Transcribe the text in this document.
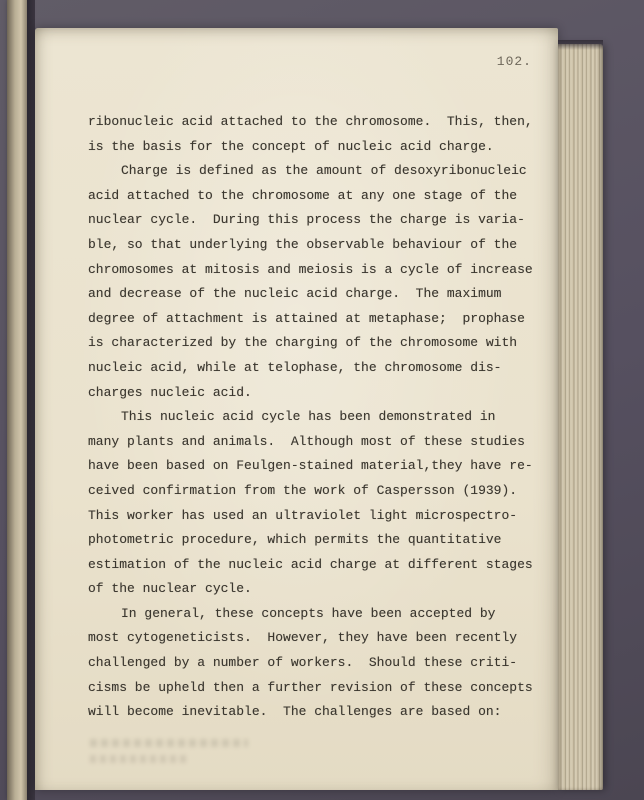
102.
ribonucleic acid attached to the chromosome.  This, then,
is the basis for the concept of nucleic acid charge.
Charge is defined as the amount of desoxyribonucleic
acid attached to the chromosome at any one stage of the
nuclear cycle.  During this process the charge is varia-
ble, so that underlying the observable behaviour of the
chromosomes at mitosis and meiosis is a cycle of increase
and decrease of the nucleic acid charge.  The maximum
degree of attachment is attained at metaphase;  prophase
is characterized by the charging of the chromosome with
nucleic acid, while at telophase, the chromosome dis-
charges nucleic acid.
This nucleic acid cycle has been demonstrated in
many plants and animals.  Although most of these studies
have been based on Feulgen-stained material,they have re-
ceived confirmation from the work of Caspersson (1939).
This worker has used an ultraviolet light microspectro-
photometric procedure, which permits the quantitative
estimation of the nucleic acid charge at different stages
of the nuclear cycle.
In general, these concepts have been accepted by
most cytogeneticists.  However, they have been recently
challenged by a number of workers.  Should these criti-
cisms be upheld then a further revision of these concepts
will become inevitable.  The challenges are based on:
